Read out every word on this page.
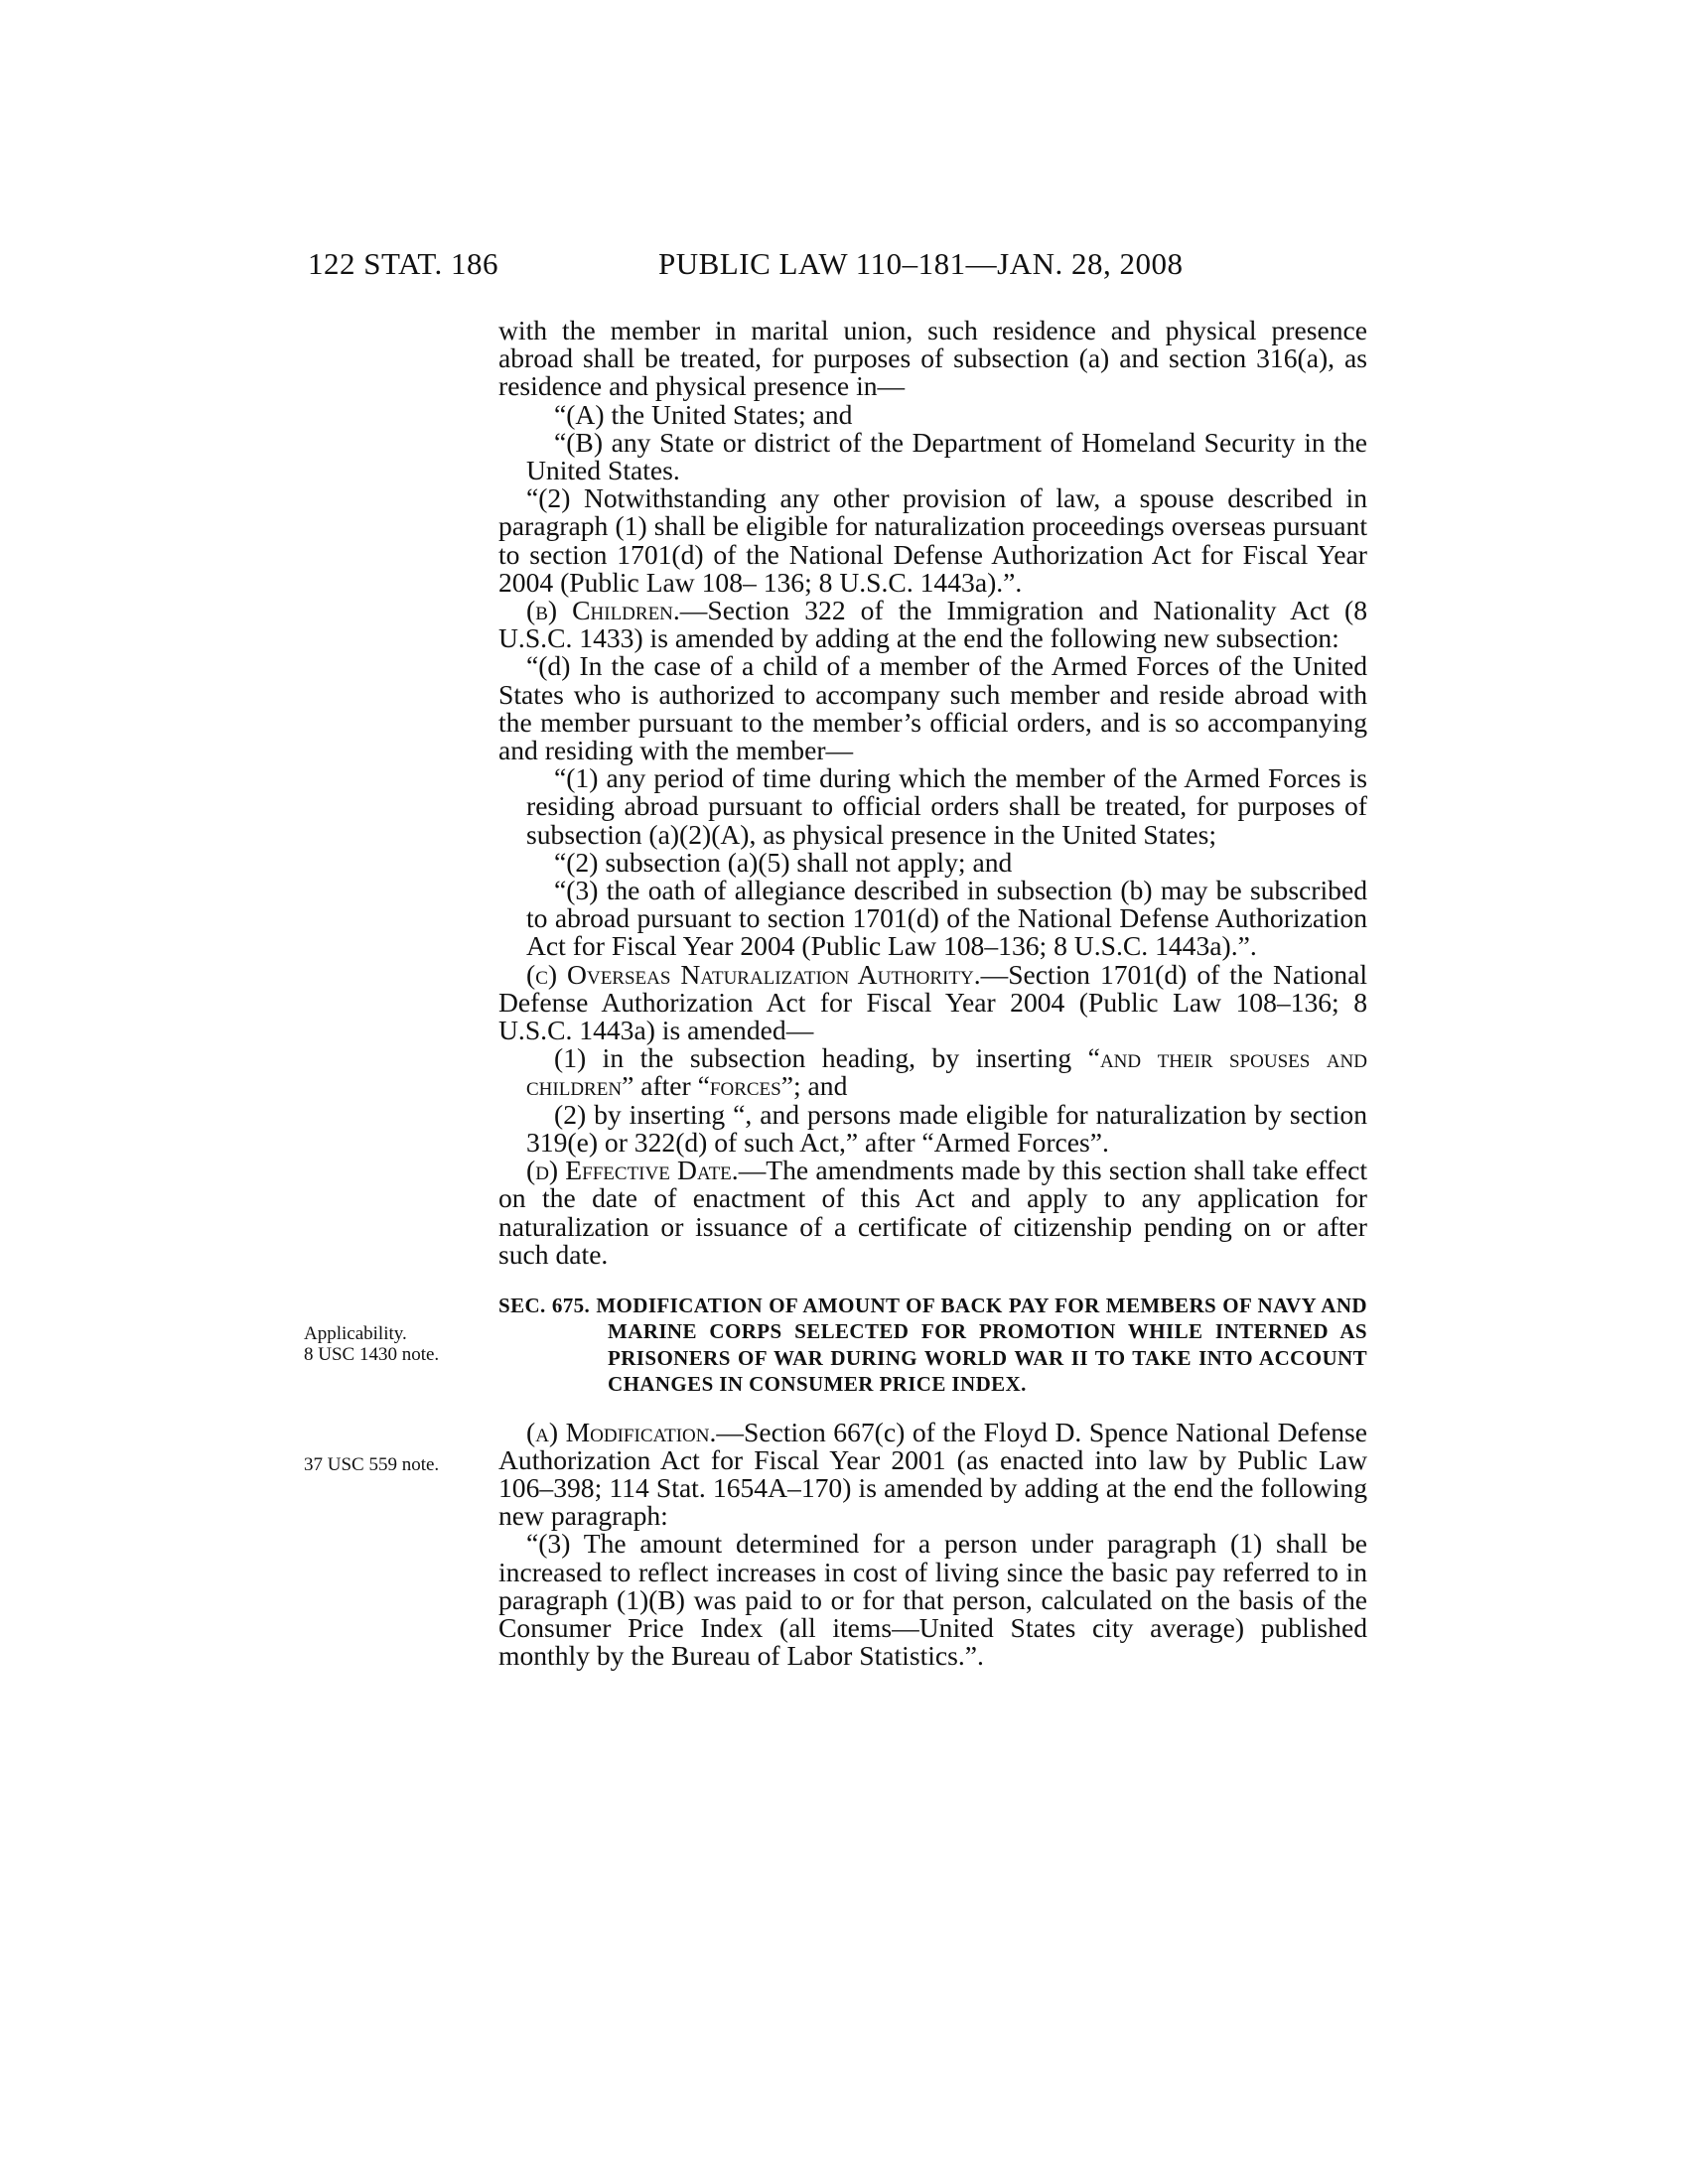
122 STAT. 186	PUBLIC LAW 110–181—JAN. 28, 2008
Applicability.
8 USC 1430 note.
37 USC 559 note.

with the member in marital union, such residence and physical presence abroad shall be treated, for purposes of subsection (a) and section 316(a), as residence and physical presence in—

“(A) the United States; and

“(B) any State or district of the Department of Homeland Security in the United States.

“(2) Notwithstanding any other provision of law, a spouse described in paragraph (1) shall be eligible for naturalization proceedings overseas pursuant to section 1701(d) of the National Defense Authorization Act for Fiscal Year 2004 (Public Law 108– 136; 8 U.S.C. 1443a).”.

(b) Children.—Section 322 of the Immigration and Nationality Act (8 U.S.C. 1433) is amended by adding at the end the following new subsection:

“(d) In the case of a child of a member of the Armed Forces of the United States who is authorized to accompany such member and reside abroad with the member pursuant to the member’s official orders, and is so accompanying and residing with the member—

“(1) any period of time during which the member of the Armed Forces is residing abroad pursuant to official orders shall be treated, for purposes of subsection (a)(2)(A), as physical presence in the United States;

“(2) subsection (a)(5) shall not apply; and

“(3) the oath of allegiance described in subsection (b) may be subscribed to abroad pursuant to section 1701(d) of the National Defense Authorization Act for Fiscal Year 2004 (Public Law 108–136; 8 U.S.C. 1443a).”.

(c) Overseas Naturalization Authority.—Section 1701(d) of the National Defense Authorization Act for Fiscal Year 2004 (Public Law 108–136; 8 U.S.C. 1443a) is amended—

(1) in the subsection heading, by inserting “and their spouses and children” after “forces”; and

(2) by inserting “, and persons made eligible for naturalization by section 319(e) or 322(d) of such Act,” after “Armed Forces”.

(d) Effective Date.—The amendments made by this section shall take effect on the date of enactment of this Act and apply to any application for naturalization or issuance of a certificate of citizenship pending on or after such date.

SEC. 675. MODIFICATION OF AMOUNT OF BACK PAY FOR MEMBERS OF NAVY AND MARINE CORPS SELECTED FOR PROMOTION WHILE INTERNED AS PRISONERS OF WAR DURING WORLD WAR II TO TAKE INTO ACCOUNT CHANGES IN CONSUMER PRICE INDEX.

(a) Modification.—Section 667(c) of the Floyd D. Spence National Defense Authorization Act for Fiscal Year 2001 (as enacted into law by Public Law 106–398; 114 Stat. 1654A–170) is amended by adding at the end the following new paragraph:

“(3) The amount determined for a person under paragraph (1) shall be increased to reflect increases in cost of living since the basic pay referred to in paragraph (1)(B) was paid to or for that person, calculated on the basis of the Consumer Price Index (all items—United States city average) published monthly by the Bureau of Labor Statistics.”.
